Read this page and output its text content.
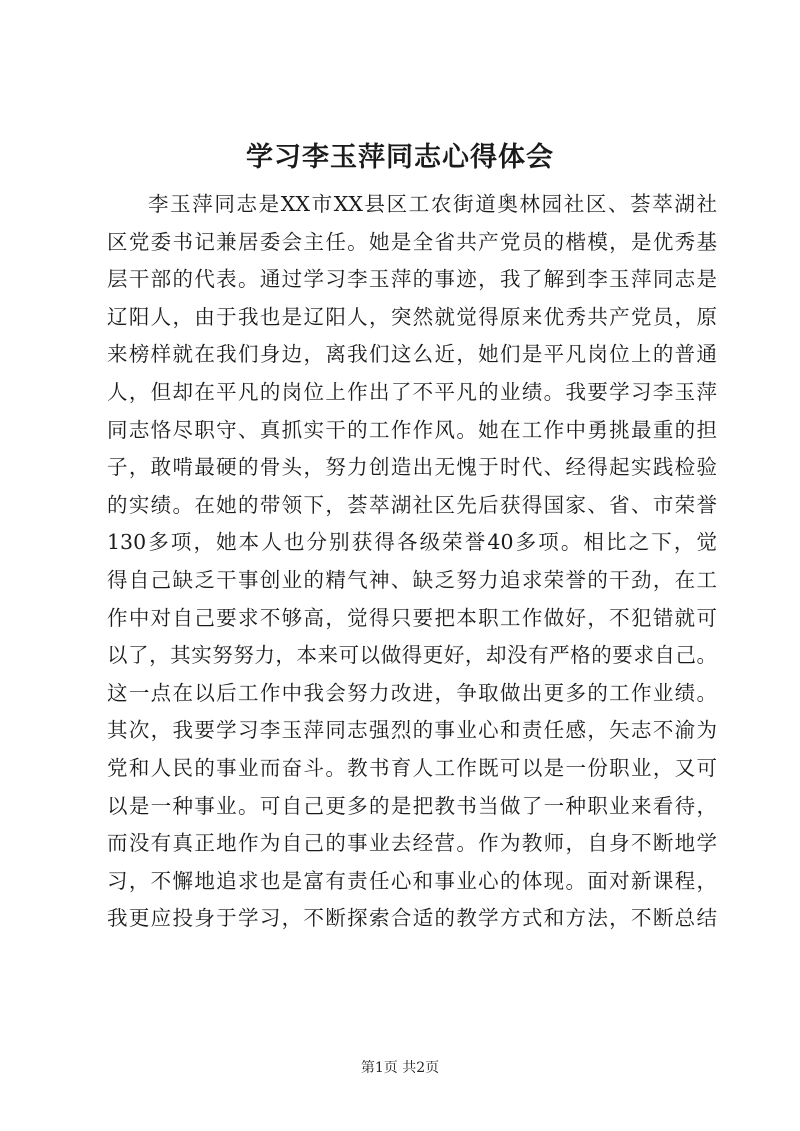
学习李玉萍同志心得体会
李玉萍同志是XX市XX县区工农街道奥林园社区、荟萃湖社
区党委书记兼居委会主任。她是全省共产党员的楷模，是优秀基
层干部的代表。通过学习李玉萍的事迹，我了解到李玉萍同志是
辽阳人，由于我也是辽阳人，突然就觉得原来优秀共产党员，原
来榜样就在我们身边，离我们这么近，她们是平凡岗位上的普通
人，但却在平凡的岗位上作出了不平凡的业绩。我要学习李玉萍
同志恪尽职守、真抓实干的工作作风。她在工作中勇挑最重的担
子，敢啃最硬的骨头，努力创造出无愧于时代、经得起实践检验
的实绩。在她的带领下，荟萃湖社区先后获得国家、省、市荣誉
130多项，她本人也分别获得各级荣誉40多项。相比之下，觉
得自己缺乏干事创业的精气神、缺乏努力追求荣誉的干劲，在工
作中对自己要求不够高，觉得只要把本职工作做好，不犯错就可
以了，其实努努力，本来可以做得更好，却没有严格的要求自己。
这一点在以后工作中我会努力改进，争取做出更多的工作业绩。
其次，我要学习李玉萍同志强烈的事业心和责任感，矢志不渝为
党和人民的事业而奋斗。教书育人工作既可以是一份职业，又可
以是一种事业。可自己更多的是把教书当做了一种职业来看待，
而没有真正地作为自己的事业去经营。作为教师，自身不断地学
习，不懈地追求也是富有责任心和事业心的体现。面对新课程，
我更应投身于学习，不断探索合适的教学方式和方法，不断总结
第1页 共2页
